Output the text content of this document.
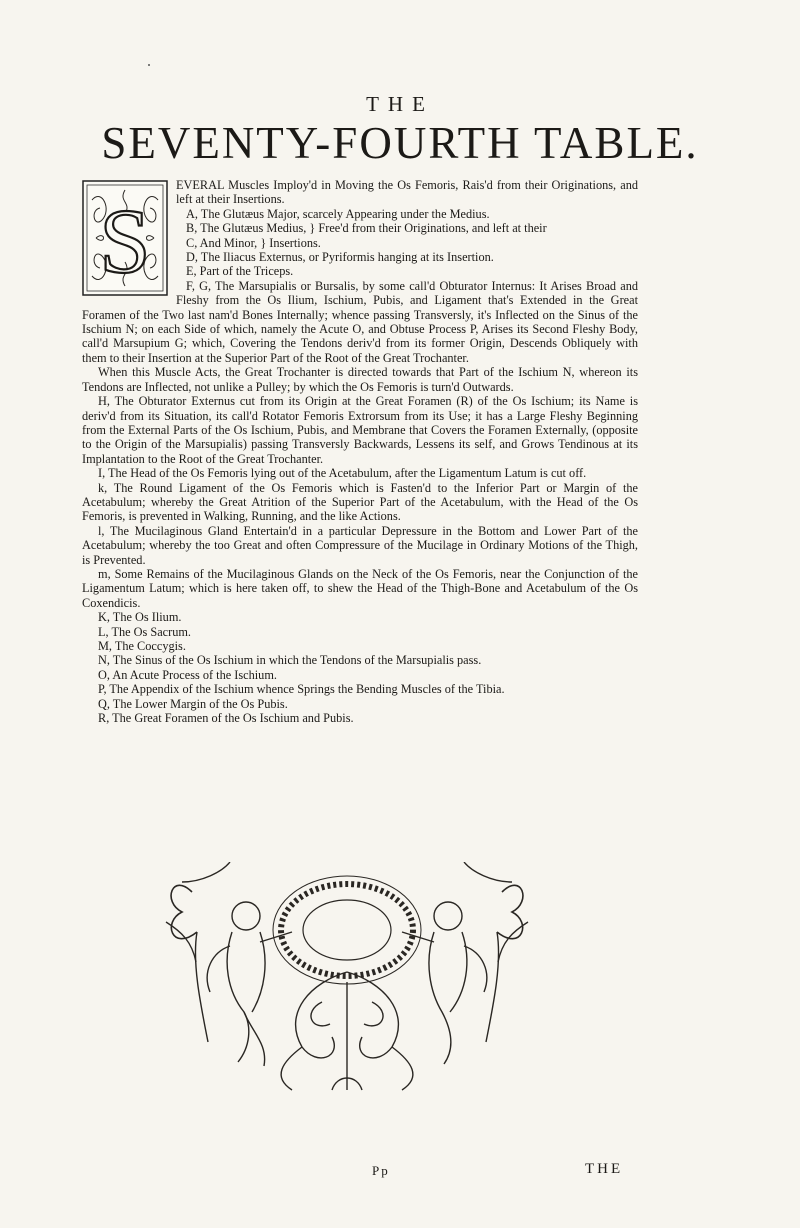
THE
SEVENTY-FOURTH TABLE.
S

EVERAL Muscles Imploy'd in Moving the Os Femoris, Rais'd from their Originations, and left at their Insertions.

A, The Glutæus Major, scarcely Appearing under the Medius.

B, The Glutæus Medius, } Free'd from their Originations, and left at their

C, And Minor, } Insertions.

D, The Iliacus Externus, or Pyriformis hanging at its Insertion.

E, Part of the Triceps.

F, G, The Marsupialis or Bursalis, by some call'd Obturator Internus: It Arises Broad and Fleshy from the Os Ilium, Ischium, Pubis, and Ligament that's Extended in the Great Foramen of the Two last nam'd Bones Internally; whence passing Transversly, it's Inflected on the Sinus of the Ischium N; on each Side of which, namely the Acute O, and Obtuse Process P, Arises its Second Fleshy Body, call'd Marsupium G; which, Covering the Tendons deriv'd from its former Origin, Descends Obliquely with them to their Insertion at the Superior Part of the Root of the Great Trochanter.

When this Muscle Acts, the Great Trochanter is directed towards that Part of the Ischium N, whereon its Tendons are Inflected, not unlike a Pulley; by which the Os Femoris is turn'd Outwards.

H, The Obturator Externus cut from its Origin at the Great Foramen (R) of the Os Ischium; its Name is deriv'd from its Situation, its call'd Rotator Femoris Extrorsum from its Use; it has a Large Fleshy Beginning from the External Parts of the Os Ischium, Pubis, and Membrane that Covers the Foramen Externally, (opposite to the Origin of the Marsupialis) passing Transversly Backwards, Lessens its self, and Grows Tendinous at its Implantation to the Root of the Great Trochanter.

I, The Head of the Os Femoris lying out of the Acetabulum, after the Ligamentum Latum is cut off.

k, The Round Ligament of the Os Femoris which is Fasten'd to the Inferior Part or Margin of the Acetabulum; whereby the Great Atrition of the Superior Part of the Acetabulum, with the Head of the Os Femoris, is prevented in Walking, Running, and the like Actions.

l, The Mucilaginous Gland Entertain'd in a particular Depressure in the Bottom and Lower Part of the Acetabulum; whereby the too Great and often Compressure of the Mucilage in Ordinary Motions of the Thigh, is Prevented.

m, Some Remains of the Mucilaginous Glands on the Neck of the Os Femoris, near the Conjunction of the Ligamentum Latum; which is here taken off, to shew the Head of the Thigh-Bone and Acetabulum of the Os Coxendicis.

K, The Os Ilium.

L, The Os Sacrum.

M, The Coccygis.

N, The Sinus of the Os Ischium in which the Tendons of the Marsupialis pass.

O, An Acute Process of the Ischium.

P, The Appendix of the Ischium whence Springs the Bending Muscles of the Tibia.

Q, The Lower Margin of the Os Pubis.

R, The Great Foramen of the Os Ischium and Pubis.

Pp	THE
